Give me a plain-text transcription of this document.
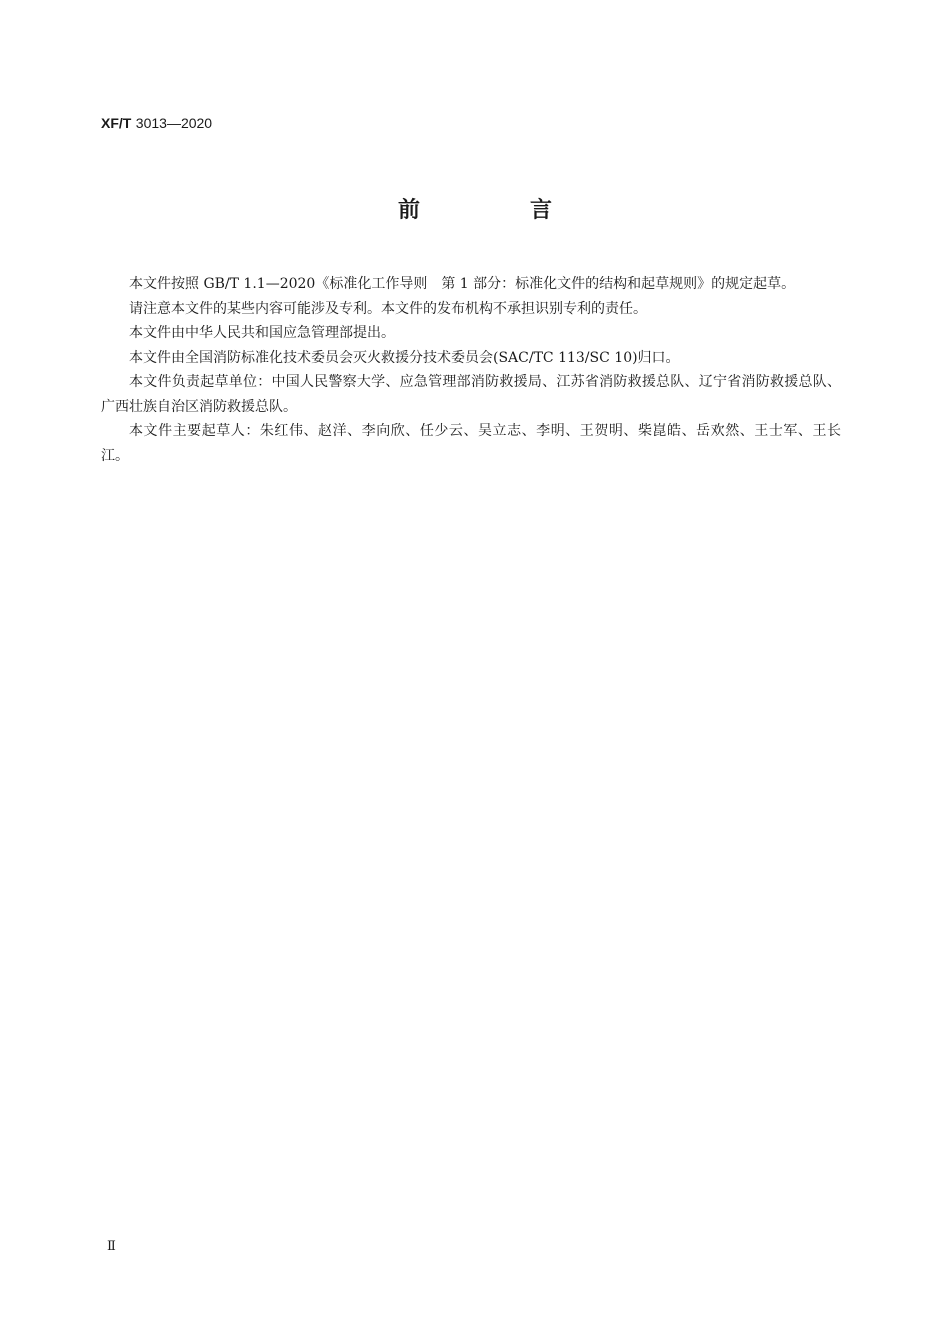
XF/T 3013—2020
前　言

本文件按照 GB/T 1.1—2020《标准化工作导则　第 1 部分：标准化文件的结构和起草规则》的规定起草。

请注意本文件的某些内容可能涉及专利。本文件的发布机构不承担识别专利的责任。

本文件由中华人民共和国应急管理部提出。

本文件由全国消防标准化技术委员会灭火救援分技术委员会(SAC/TC 113/SC 10)归口。

本文件负责起草单位：中国人民警察大学、应急管理部消防救援局、江苏省消防救援总队、辽宁省消防救援总队、广西壮族自治区消防救援总队。

本文件主要起草人：朱红伟、赵洋、李向欣、任少云、吴立志、李明、王贺明、柴崑皓、岳欢然、王士军、王长江。

Ⅱ
